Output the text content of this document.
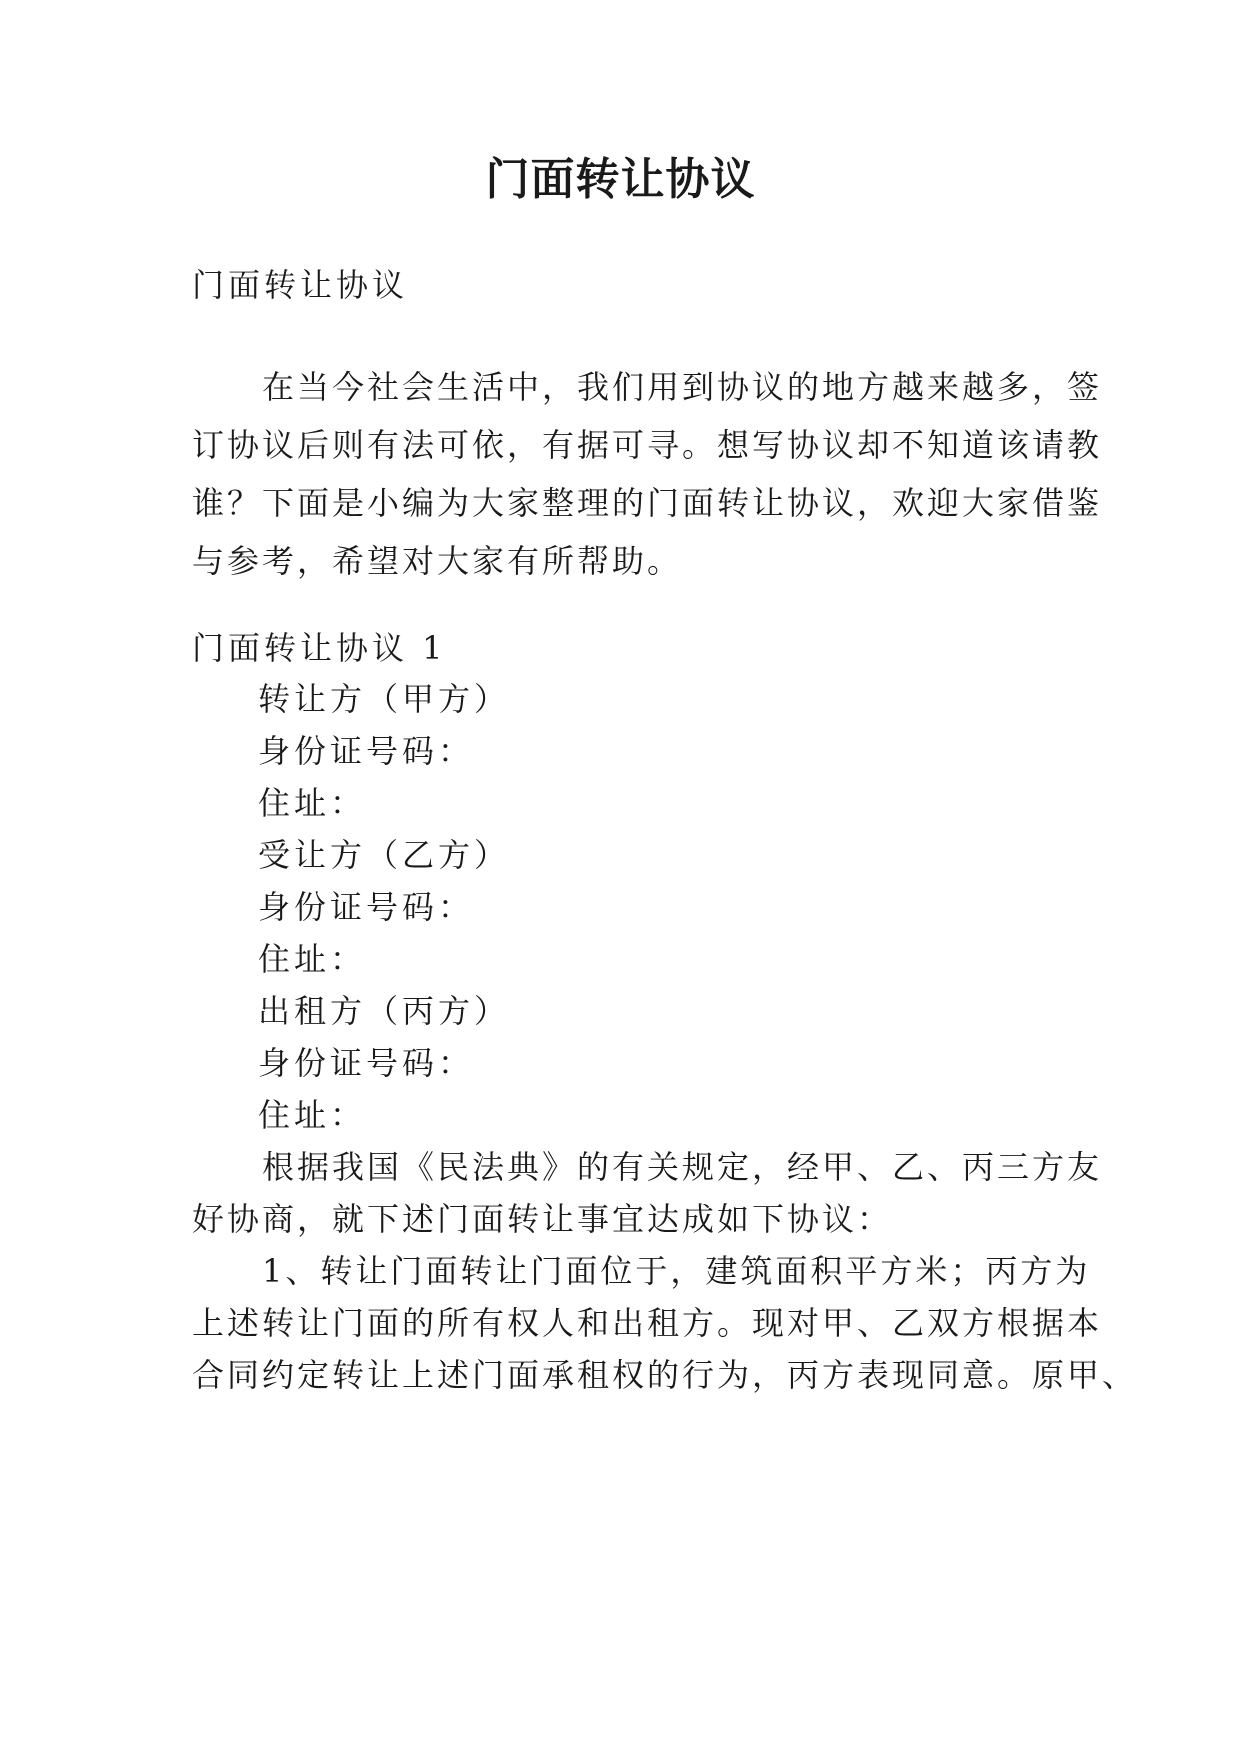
门面转让协议
门面转让协议
　　在当今社会生活中，我们用到协议的地方越来越多，签
订协议后则有法可依，有据可寻。想写协议却不知道该请教
谁？下面是小编为大家整理的门面转让协议，欢迎大家借鉴
与参考，希望对大家有所帮助。
门面转让协议 1
转让方（甲方）
身份证号码：
住址：
受让方（乙方）
身份证号码：
住址：
出租方（丙方）
身份证号码：
住址：
　　根据我国《民法典》的有关规定，经甲、乙、丙三方友
好协商，就下述门面转让事宜达成如下协议：
　　1、转让门面转让门面位于，建筑面积平方米；丙方为
上述转让门面的所有权人和出租方。现对甲、乙双方根据本
合同约定转让上述门面承租权的行为，丙方表现同意。原甲、
